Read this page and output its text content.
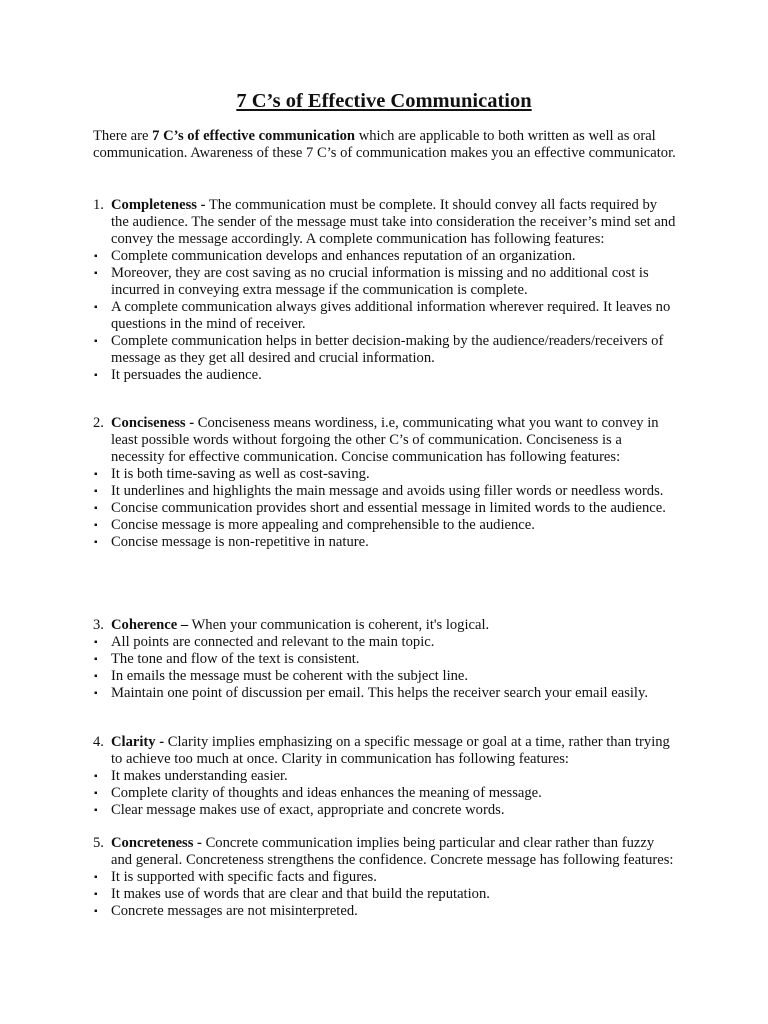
7 C’s of Effective Communication

There are 7 C’s of effective communication which are applicable to both written as well as oral communication. Awareness of these 7 C’s of communication makes you an effective communicator.

1. Completeness - The communication must be complete. It should convey all facts required by the audience. The sender of the message must take into consideration the receiver’s mind set and convey the message accordingly. A complete communication has following features:
▪ Complete communication develops and enhances reputation of an organization.
▪ Moreover, they are cost saving as no crucial information is missing and no additional cost is incurred in conveying extra message if the communication is complete.
▪ A complete communication always gives additional information wherever required. It leaves no questions in the mind of receiver.
▪ Complete communication helps in better decision-making by the audience/readers/receivers of message as they get all desired and crucial information.
▪ It persuades the audience.
2. Conciseness - Conciseness means wordiness, i.e, communicating what you want to convey in least possible words without forgoing the other C’s of communication. Conciseness is a necessity for effective communication. Concise communication has following features:
▪ It is both time-saving as well as cost-saving.
▪ It underlines and highlights the main message and avoids using filler words or needless words.
▪ Concise communication provides short and essential message in limited words to the audience.
▪ Concise message is more appealing and comprehensible to the audience.
▪ Concise message is non-repetitive in nature.
3. Coherence – When your communication is coherent, it's logical.
▪ All points are connected and relevant to the main topic.
▪ The tone and flow of the text is consistent.
▪ In emails the message must be coherent with the subject line.
▪ Maintain one point of discussion per email. This helps the receiver search your email easily.
4. Clarity - Clarity implies emphasizing on a specific message or goal at a time, rather than trying to achieve too much at once. Clarity in communication has following features:
▪ It makes understanding easier.
▪ Complete clarity of thoughts and ideas enhances the meaning of message.
▪ Clear message makes use of exact, appropriate and concrete words.
5. Concreteness - Concrete communication implies being particular and clear rather than fuzzy and general. Concreteness strengthens the confidence. Concrete message has following features:
▪ It is supported with specific facts and figures.
▪ It makes use of words that are clear and that build the reputation.
▪ Concrete messages are not misinterpreted.
